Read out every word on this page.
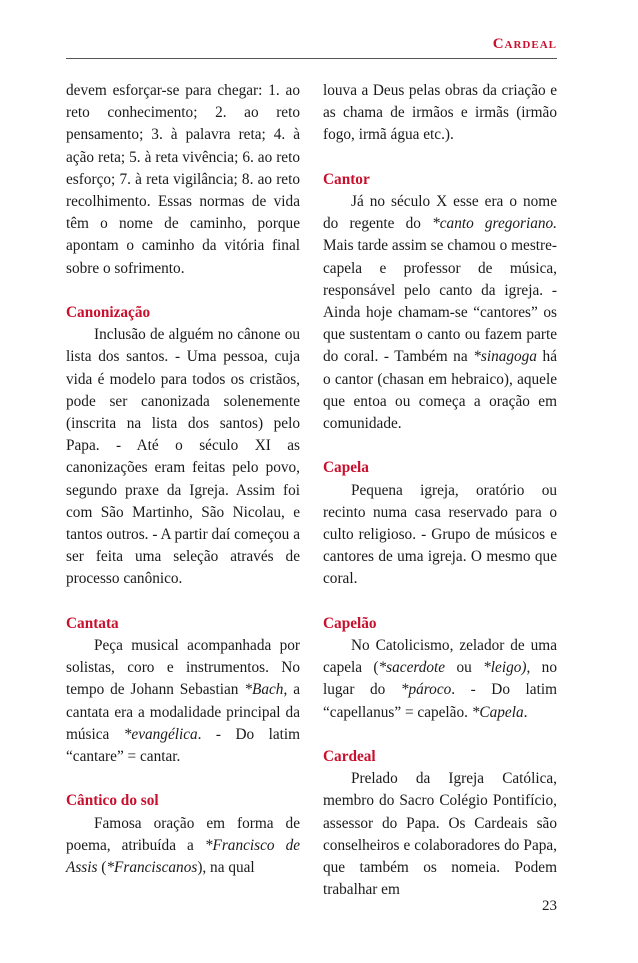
Cardeal

devem esforçar-se para chegar: 1. ao reto conhecimento; 2. ao reto pensamento; 3. à palavra reta; 4. à ação reta; 5. à reta vivência; 6. ao reto esforço; 7. à reta vigilância; 8. ao reto recolhimento. Essas normas de vida têm o nome de caminho, porque apontam o caminho da vitória final sobre o sofrimento.

Canonização

Inclusão de alguém no cânone ou lista dos santos. - Uma pessoa, cuja vida é modelo para todos os cristãos, pode ser canonizada solenemente (inscrita na lista dos santos) pelo Papa. - Até o século XI as canonizações eram feitas pelo povo, segundo praxe da Igreja. Assim foi com São Martinho, São Nicolau, e tantos outros. - A partir daí começou a ser feita uma seleção através de processo canônico.

Cantata

Peça musical acompanhada por solistas, coro e instrumentos. No tempo de Johann Sebastian *Bach, a cantata era a modalidade principal da música *evangélica. - Do latim “cantare” = cantar.

Cântico do sol

Famosa oração em forma de poema, atribuída a *Francisco de Assis (*Franciscanos), na qual

louva a Deus pelas obras da criação e as chama de irmãos e irmãs (irmão fogo, irmã água etc.).

Cantor

Já no século X esse era o nome do regente do *canto gregoriano. Mais tarde assim se chamou o mestre-capela e professor de música, responsável pelo canto da igreja. - Ainda hoje chamam-se “cantores” os que sustentam o canto ou fazem parte do coral. - Também na *sinagoga há o cantor (chasan em hebraico), aquele que entoa ou começa a oração em comunidade.

Capela

Pequena igreja, oratório ou recinto numa casa reservado para o culto religioso. - Grupo de músicos e cantores de uma igreja. O mesmo que coral.

Capelão

No Catolicismo, zelador de uma capela (*sacerdote ou *leigo), no lugar do *pároco. - Do latim “capellanus” = capelão. *Capela.

Cardeal

Prelado da Igreja Católica, membro do Sacro Colégio Pontifício, assessor do Papa. Os Cardeais são conselheiros e colaboradores do Papa, que também os nomeia. Podem trabalhar em

23
